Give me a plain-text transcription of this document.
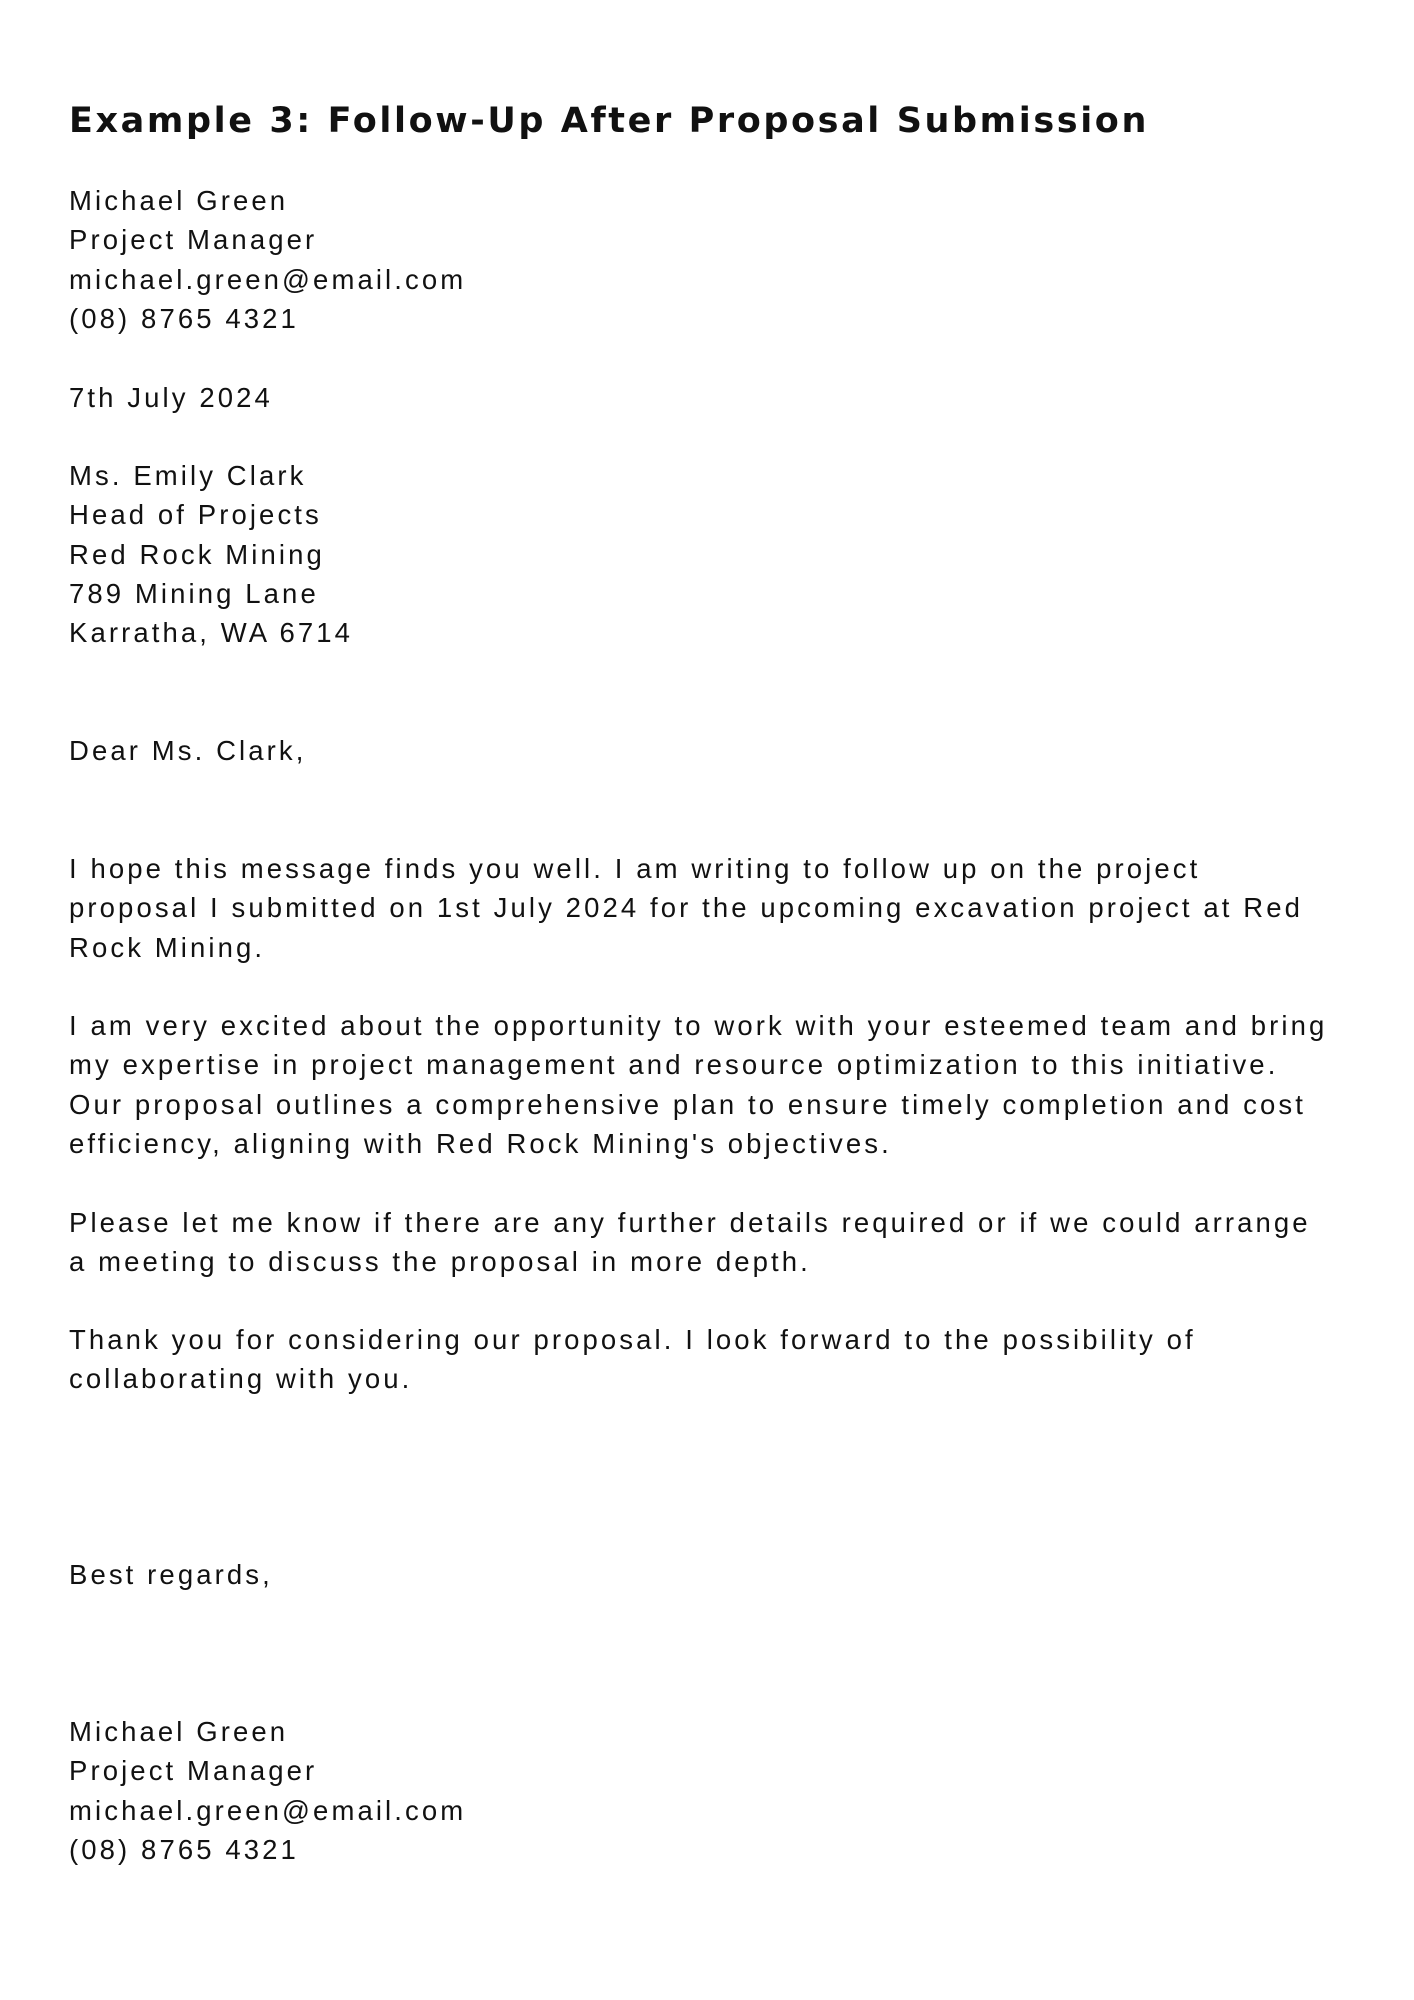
Example 3: Follow-Up After Proposal Submission
Michael Green
Project Manager
michael.green@email.com
(08) 8765 4321
7th July 2024
Ms. Emily Clark
Head of Projects
Red Rock Mining
789 Mining Lane
Karratha, WA 6714
Dear Ms. Clark,
I hope this message finds you well. I am writing to follow up on the project
proposal I submitted on 1st July 2024 for the upcoming excavation project at Red
Rock Mining.
I am very excited about the opportunity to work with your esteemed team and bring
my expertise in project management and resource optimization to this initiative.
Our proposal outlines a comprehensive plan to ensure timely completion and cost
efficiency, aligning with Red Rock Mining's objectives.
Please let me know if there are any further details required or if we could arrange
a meeting to discuss the proposal in more depth.
Thank you for considering our proposal. I look forward to the possibility of
collaborating with you.
Best regards,
Michael Green
Project Manager
michael.green@email.com
(08) 8765 4321
